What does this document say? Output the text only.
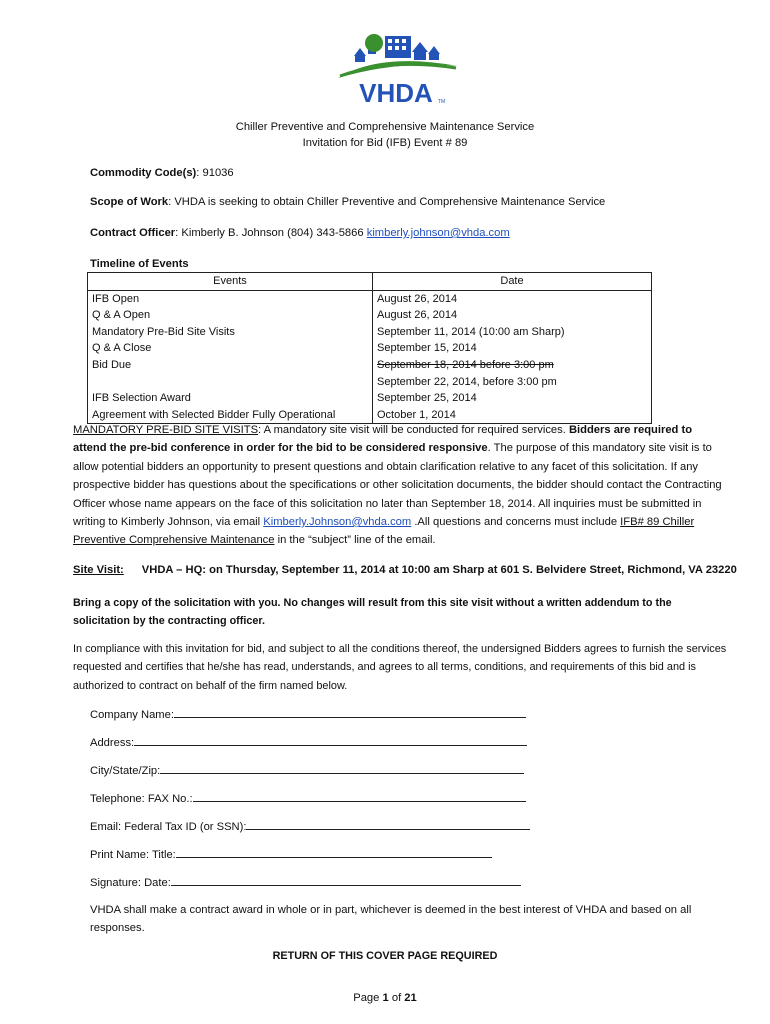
VHDA TM
Chiller Preventive and Comprehensive Maintenance Service
Invitation for Bid (IFB) Event # 89
Commodity Code(s): 91036
Scope of Work: VHDA is seeking to obtain Chiller Preventive and Comprehensive Maintenance Service
Contract Officer: Kimberly B. Johnson (804) 343-5866 kimberly.johnson@vhda.com
Timeline of Events
Events	Date
IFB Open	August 26, 2014
Q & A Open	August 26, 2014
Mandatory Pre-Bid Site Visits	September 11, 2014 (10:00 am Sharp)
Q & A Close	September 15, 2014
Bid Due	September 18, 2014 before 3:00 pm
September 22, 2014, before 3:00 pm

IFB Selection Award	September 25, 2014
Agreement with Selected Bidder Fully Operational	October 1, 2014
MANDATORY PRE-BID SITE VISITS: A mandatory site visit will be conducted for required services. Bidders are required to attend the pre-bid conference in order for the bid to be considered responsive. The purpose of this mandatory site visit is to allow potential bidders an opportunity to present questions and obtain clarification relative to any facet of this solicitation. If any prospective bidder has questions about the specifications or other solicitation documents, the bidder should contact the Contracting Officer whose name appears on the face of this solicitation no later than September 18, 2014. All inquiries must be submitted in writing to Kimberly Johnson, via email Kimberly.Johnson@vhda.com .All questions and concerns must include IFB# 89 Chiller Preventive Comprehensive Maintenance in the “subject” line of the email.
Site Visit: VHDA – HQ: on Thursday, September 11, 2014 at 10:00 am Sharp at 601 S. Belvidere Street, Richmond, VA 23220
Bring a copy of the solicitation with you. No changes will result from this site visit without a written addendum to the solicitation by the contracting officer.
In compliance with this invitation for bid, and subject to all the conditions thereof, the undersigned Bidders agrees to furnish the services requested and certifies that he/she has read, understands, and agrees to all terms, conditions, and requirements of this bid and is authorized to contract on behalf of the firm named below.
Company Name:
Address:
City/State/Zip:
Telephone: FAX No.:
Email: Federal Tax ID (or SSN):
Print Name: Title:
Signature: Date:
VHDA shall make a contract award in whole or in part, whichever is deemed in the best interest of VHDA and based on all responses.
RETURN OF THIS COVER PAGE REQUIRED
Page 1 of 21
